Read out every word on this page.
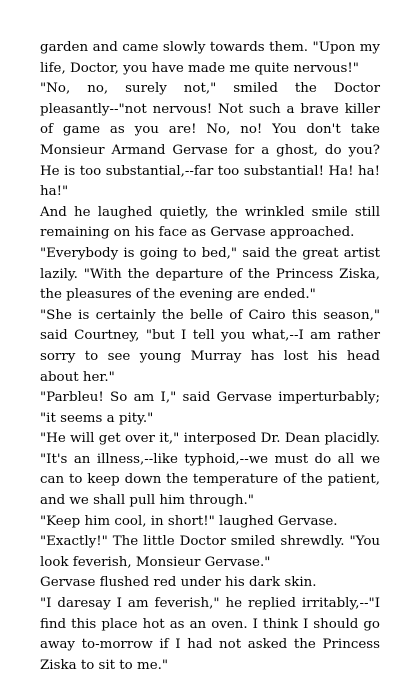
garden and came slowly towards them. "Upon my life, Doctor, you have made me quite nervous!"

"No, no, surely not," smiled the Doctor pleasantly--"not nervous! Not such a brave killer of game as you are! No, no! You don't take Monsieur Armand Gervase for a ghost, do you? He is too substantial,--far too substantial! Ha! ha! ha!"

And he laughed quietly, the wrinkled smile still remaining on his face as Gervase approached.

"Everybody is going to bed," said the great artist lazily. "With the departure of the Princess Ziska, the pleasures of the evening are ended."

"She is certainly the belle of Cairo this season," said Courtney, "but I tell you what,--I am rather sorry to see young Murray has lost his head about her."

"Parbleu! So am I," said Gervase imperturbably; "it seems a pity."

"He will get over it," interposed Dr. Dean placidly. "It's an illness,--like typhoid,--we must do all we can to keep down the temperature of the patient, and we shall pull him through."

"Keep him cool, in short!" laughed Gervase.

"Exactly!" The little Doctor smiled shrewdly. "You look feverish, Monsieur Gervase."

Gervase flushed red under his dark skin.

"I daresay I am feverish," he replied irritably,--"I find this place hot as an oven. I think I should go away to-morrow if I had not asked the Princess Ziska to sit to me."
